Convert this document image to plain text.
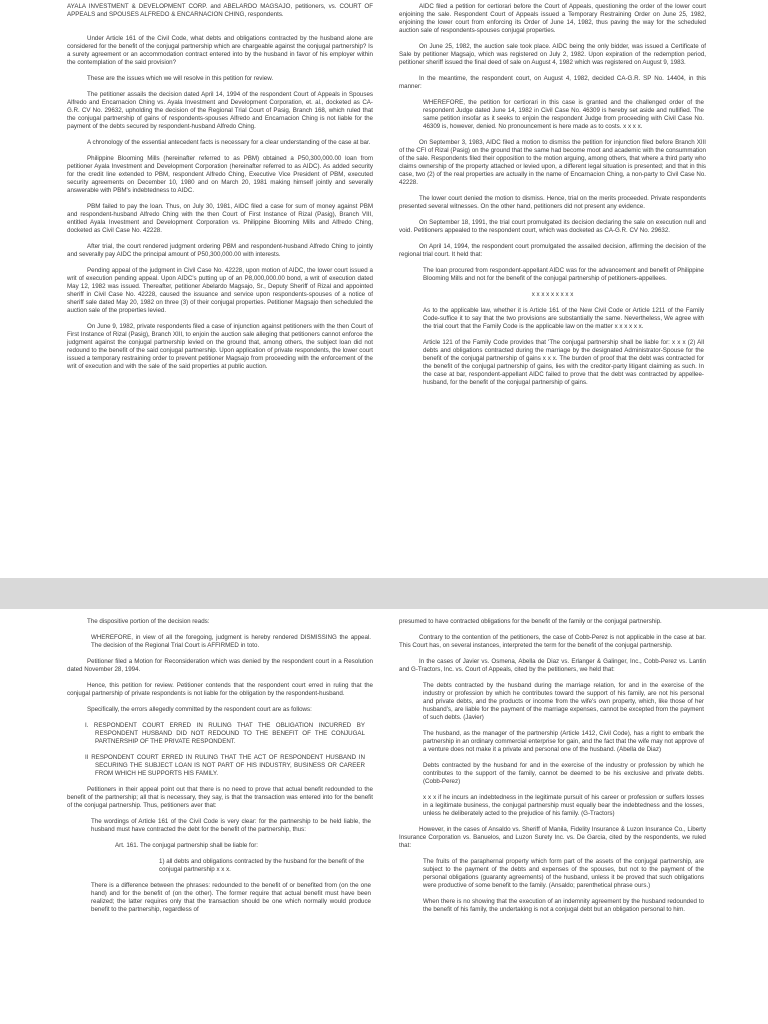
AYALA INVESTMENT & DEVELOPMENT CORP. and ABELARDO MAGSAJO, petitioners, vs. COURT OF APPEALS and SPOUSES ALFREDO & ENCARNACION CHING, respondents.

Under Article 161 of the Civil Code, what debts and obligations contracted by the husband alone are considered for the benefit of the conjugal partnership which are chargeable against the conjugal partnership? Is a surety agreement or an accommodation contract entered into by the husband in favor of his employer within the contemplation of the said provision?

These are the issues which we will resolve in this petition for review.

The petitioner assails the decision dated April 14, 1994 of the respondent Court of Appeals in Spouses Alfredo and Encarnacion Ching vs. Ayala Investment and Development Corporation, et. al., docketed as CA-G.R. CV No. 29632, upholding the decision of the Regional Trial Court of Pasig, Branch 168, which ruled that the conjugal partnership of gains of respondents-spouses Alfredo and Encarnacion Ching is not liable for the payment of the debts secured by respondent-husband Alfredo Ching.

A chronology of the essential antecedent facts is necessary for a clear understanding of the case at bar.

Philippine Blooming Mills (hereinafter referred to as PBM) obtained a P50,300,000.00 loan from petitioner Ayala Investment and Development Corporation (hereinafter referred to as AIDC). As added security for the credit line extended to PBM, respondent Alfredo Ching, Executive Vice President of PBM, executed security agreements on December 10, 1980 and on March 20, 1981 making himself jointly and severally answerable with PBM's indebtedness to AIDC.

PBM failed to pay the loan. Thus, on July 30, 1981, AIDC filed a case for sum of money against PBM and respondent-husband Alfredo Ching with the then Court of First Instance of Rizal (Pasig), Branch VIII, entitled Ayala Investment and Development Corporation vs. Philippine Blooming Mills and Alfredo Ching, docketed as Civil Case No. 42228.

After trial, the court rendered judgment ordering PBM and respondent-husband Alfredo Ching to jointly and severally pay AIDC the principal amount of P50,300,000.00 with interests.

Pending appeal of the judgment in Civil Case No. 42228, upon motion of AIDC, the lower court issued a writ of execution pending appeal. Upon AIDC's putting up of an P8,000,000.00 bond, a writ of execution dated May 12, 1982 was issued. Thereafter, petitioner Abelardo Magsajo, Sr., Deputy Sheriff of Rizal and appointed sheriff in Civil Case No. 42228, caused the issuance and service upon respondents-spouses of a notice of sheriff sale dated May 20, 1982 on three (3) of their conjugal properties. Petitioner Magsajo then scheduled the auction sale of the properties levied.

On June 9, 1982, private respondents filed a case of injunction against petitioners with the then Court of First Instance of Rizal (Pasig), Branch XIII, to enjoin the auction sale alleging that petitioners cannot enforce the judgment against the conjugal partnership levied on the ground that, among others, the subject loan did not redound to the benefit of the said conjugal partnership. Upon application of private respondents, the lower court issued a temporary restraining order to prevent petitioner Magsajo from proceeding with the enforcement of the writ of execution and with the sale of the said properties at public auction.

AIDC filed a petition for certiorari before the Court of Appeals, questioning the order of the lower court enjoining the sale. Respondent Court of Appeals issued a Temporary Restraining Order on June 25, 1982, enjoining the lower court from enforcing its Order of June 14, 1982, thus paving the way for the scheduled auction sale of respondents-spouses conjugal properties.

On June 25, 1982, the auction sale took place. AIDC being the only bidder, was issued a Certificate of Sale by petitioner Magsajo, which was registered on July 2, 1982. Upon expiration of the redemption period, petitioner sheriff issued the final deed of sale on August 4, 1982 which was registered on August 9, 1983.

In the meantime, the respondent court, on August 4, 1982, decided CA-G.R. SP No. 14404, in this manner:

WHEREFORE, the petition for certiorari in this case is granted and the challenged order of the respondent Judge dated June 14, 1982 in Civil Case No. 46309 is hereby set aside and nullified. The same petition insofar as it seeks to enjoin the respondent Judge from proceeding with Civil Case No. 46309 is, however, denied. No pronouncement is here made as to costs. x x x x.

On September 3, 1983, AIDC filed a motion to dismiss the petition for injunction filed before Branch XIII of the CFI of Rizal (Pasig) on the ground that the same had become moot and academic with the consummation of the sale. Respondents filed their opposition to the motion arguing, among others, that where a third party who claims ownership of the property attached or levied upon, a different legal situation is presented; and that in this case, two (2) of the real properties are actually in the name of Encarnacion Ching, a non-party to Civil Case No. 42228.

The lower court denied the motion to dismiss. Hence, trial on the merits proceeded. Private respondents presented several witnesses. On the other hand, petitioners did not present any evidence.

On September 18, 1991, the trial court promulgated its decision declaring the sale on execution null and void. Petitioners appealed to the respondent court, which was docketed as CA-G.R. CV No. 29632.

On April 14, 1994, the respondent court promulgated the assailed decision, affirming the decision of the regional trial court. It held that:

The loan procured from respondent-appellant AIDC was for the advancement and benefit of Philippine Blooming Mills and not for the benefit of the conjugal partnership of petitioners-appellees.

x x x x x x x x x

As to the applicable law, whether it is Article 161 of the New Civil Code or Article 1211 of the Family Code-suffice it to say that the two provisions are substantially the same. Nevertheless, We agree with the trial court that the Family Code is the applicable law on the matter x x x x x x.

Article 121 of the Family Code provides that 'The conjugal partnership shall be liable for: x x x (2) All debts and obligations contracted during the marriage by the designated Administrator-Spouse for the benefit of the conjugal partnership of gains x x x. The burden of proof that the debt was contracted for the benefit of the conjugal partnership of gains, lies with the creditor-party litigant claiming as such. In the case at bar, respondent-appellant AIDC failed to prove that the debt was contracted by appellee-husband, for the benefit of the conjugal partnership of gains.

The dispositive portion of the decision reads:

WHEREFORE, in view of all the foregoing, judgment is hereby rendered DISMISSING the appeal. The decision of the Regional Trial Court is AFFIRMED in toto.

Petitioner filed a Motion for Reconsideration which was denied by the respondent court in a Resolution dated November 28, 1994.

Hence, this petition for review. Petitioner contends that the respondent court erred in ruling that the conjugal partnership of private respondents is not liable for the obligation by the respondent-husband.

Specifically, the errors allegedly committed by the respondent court are as follows:

I. RESPONDENT COURT ERRED IN RULING THAT THE OBLIGATION INCURRED BY RESPONDENT HUSBAND DID NOT REDOUND TO THE BENEFIT OF THE CONJUGAL PARTNERSHIP OF THE PRIVATE RESPONDENT.

II RESPONDENT COURT ERRED IN RULING THAT THE ACT OF RESPONDENT HUSBAND IN SECURING THE SUBJECT LOAN IS NOT PART OF HIS INDUSTRY, BUSINESS OR CAREER FROM WHICH HE SUPPORTS HIS FAMILY.

Petitioners in their appeal point out that there is no need to prove that actual benefit redounded to the benefit of the partnership; all that is necessary, they say, is that the transaction was entered into for the benefit of the conjugal partnership. Thus, petitioners aver that:

The wordings of Article 161 of the Civil Code is very clear: for the partnership to be held liable, the husband must have contracted the debt for the benefit of the partnership, thus:

Art. 161. The conjugal partnership shall be liable for:

1) all debts and obligations contracted by the husband for the benefit of the conjugal partnership x x x.

There is a difference between the phrases: redounded to the benefit of or benefited from (on the one hand) and for the benefit of (on the other). The former require that actual benefit must have been realized; the latter requires only that the transaction should be one which normally would produce benefit to the partnership, regardless of

presumed to have contracted obligations for the benefit of the family or the conjugal partnership.

Contrary to the contention of the petitioners, the case of Cobb-Perez is not applicable in the case at bar. This Court has, on several instances, interpreted the term for the benefit of the conjugal partnership.

In the cases of Javier vs. Osmena, Abella de Diaz vs. Erlanger & Galinger, Inc., Cobb-Perez vs. Lantin and G-Tractors, Inc. vs. Court of Appeals, cited by the petitioners, we held that:

The debts contracted by the husband during the marriage relation, for and in the exercise of the industry or profession by which he contributes toward the support of his family, are not his personal and private debts, and the products or income from the wife's own property, which, like those of her husband's, are liable for the payment of the marriage expenses, cannot be excepted from the payment of such debts. (Javier)

The husband, as the manager of the partnership (Article 1412, Civil Code), has a right to embark the partnership in an ordinary commercial enterprise for gain, and the fact that the wife may not approve of a venture does not make it a private and personal one of the husband. (Abella de Diaz)

Debts contracted by the husband for and in the exercise of the industry or profession by which he contributes to the support of the family, cannot be deemed to be his exclusive and private debts. (Cobb-Perez)

x x x if he incurs an indebtedness in the legitimate pursuit of his career or profession or suffers losses in a legitimate business, the conjugal partnership must equally bear the indebtedness and the losses, unless he deliberately acted to the prejudice of his family. (G-Tractors)

However, in the cases of Ansaldo vs. Sheriff of Manila, Fidelity Insurance & Luzon Insurance Co., Liberty Insurance Corporation vs. Banuelos, and Luzon Surety Inc. vs. De Garcia, cited by the respondents, we ruled that:

The fruits of the paraphernal property which form part of the assets of the conjugal partnership, are subject to the payment of the debts and expenses of the spouses, but not to the payment of the personal obligations (guaranty agreements) of the husband, unless it be proved that such obligations were productive of some benefit to the family. (Ansaldo; parenthetical phrase ours.)

When there is no showing that the execution of an indemnity agreement by the husband redounded to the benefit of his family, the undertaking is not a conjugal debt but an obligation personal to him.
